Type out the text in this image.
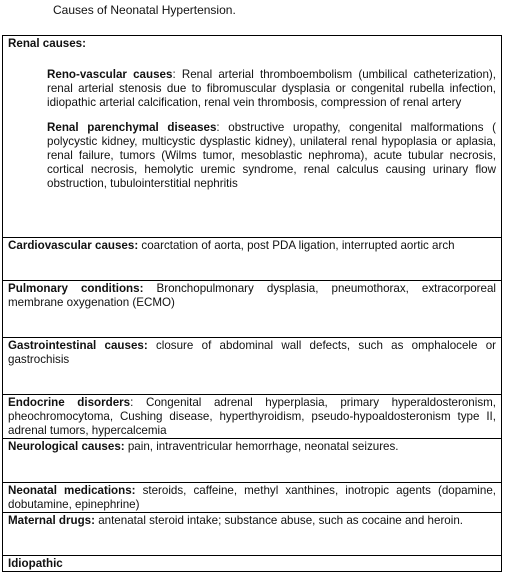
Causes of Neonatal Hypertension.
Renal causes:

Reno-vascular causes: Renal arterial thromboembolism (umbilical catheterization), renal arterial stenosis due to fibromuscular dysplasia or congenital rubella infection, idiopathic arterial calcification, renal vein thrombosis, compression of renal artery

Renal parenchymal diseases: obstructive uropathy, congenital malformations ( polycystic kidney, multicystic dysplastic kidney), unilateral renal hypoplasia or aplasia, renal failure, tumors (Wilms tumor, mesoblastic nephroma), acute tubular necrosis, cortical necrosis, hemolytic uremic syndrome, renal calculus causing urinary flow obstruction, tubulointerstitial nephritis

Cardiovascular causes: coarctation of aorta, post PDA ligation, interrupted aortic arch
Pulmonary conditions: Bronchopulmonary dysplasia, pneumothorax, extracorporeal membrane oxygenation (ECMO)
Gastrointestinal causes: closure of abdominal wall defects, such as omphalocele or gastrochisis
Endocrine disorders: Congenital adrenal hyperplasia, primary hyperaldosteronism, pheochromocytoma, Cushing disease, hyperthyroidism, pseudo-hypoaldosteronism type II, adrenal tumors, hypercalcemia
Neurological causes: pain, intraventricular hemorrhage, neonatal seizures.
Neonatal medications: steroids, caffeine, methyl xanthines, inotropic agents (dopamine, dobutamine, epinephrine)
Maternal drugs: antenatal steroid intake; substance abuse, such as cocaine and heroin.
Idiopathic
